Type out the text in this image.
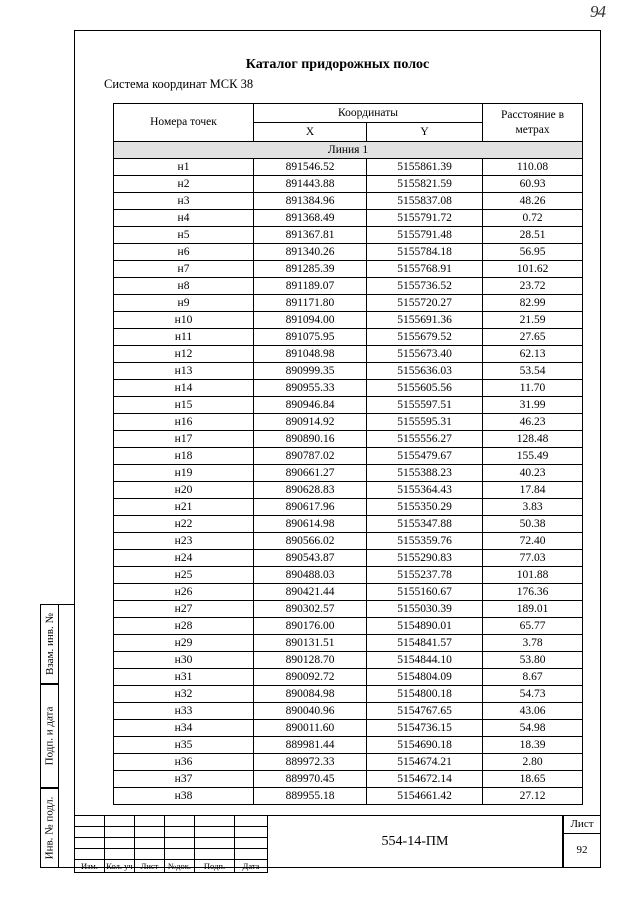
94
Каталог придорожных полос
Система координат МСК 38
Номера точек	Координаты		Расстояние в метрах
	X	Y	
Линия 1			
н1	891546.52	5155861.39	110.08
н2	891443.88	5155821.59	60.93
н3	891384.96	5155837.08	48.26
н4	891368.49	5155791.72	0.72
н5	891367.81	5155791.48	28.51
н6	891340.26	5155784.18	56.95
н7	891285.39	5155768.91	101.62
н8	891189.07	5155736.52	23.72
н9	891171.80	5155720.27	82.99
н10	891094.00	5155691.36	21.59
н11	891075.95	5155679.52	27.65
н12	891048.98	5155673.40	62.13
н13	890999.35	5155636.03	53.54
н14	890955.33	5155605.56	11.70
н15	890946.84	5155597.51	31.99
н16	890914.92	5155595.31	46.23
н17	890890.16	5155556.27	128.48
н18	890787.02	5155479.67	155.49
н19	890661.27	5155388.23	40.23
н20	890628.83	5155364.43	17.84
н21	890617.96	5155350.29	3.83
н22	890614.98	5155347.88	50.38
н23	890566.02	5155359.76	72.40
н24	890543.87	5155290.83	77.03
н25	890488.03	5155237.78	101.88
н26	890421.44	5155160.67	176.36
н27	890302.57	5155030.39	189.01
н28	890176.00	5154890.01	65.77
н29	890131.51	5154841.57	3.78
н30	890128.70	5154844.10	53.80
н31	890092.72	5154804.09	8.67
н32	890084.98	5154800.18	54.73
н33	890040.96	5154767.65	43.06
н34	890011.60	5154736.15	54.98
н35	889981.44	5154690.18	18.39
н36	889972.33	5154674.21	2.80
н37	889970.45	5154672.14	18.65
н38	889955.18	5154661.42	27.12
Взам. инв. №
Подп. и дата
Инв. № подл.

Изм.	Кол. уч	Лист	№док.	Подп.	Дата
554-14-ПМ
Лист
92
